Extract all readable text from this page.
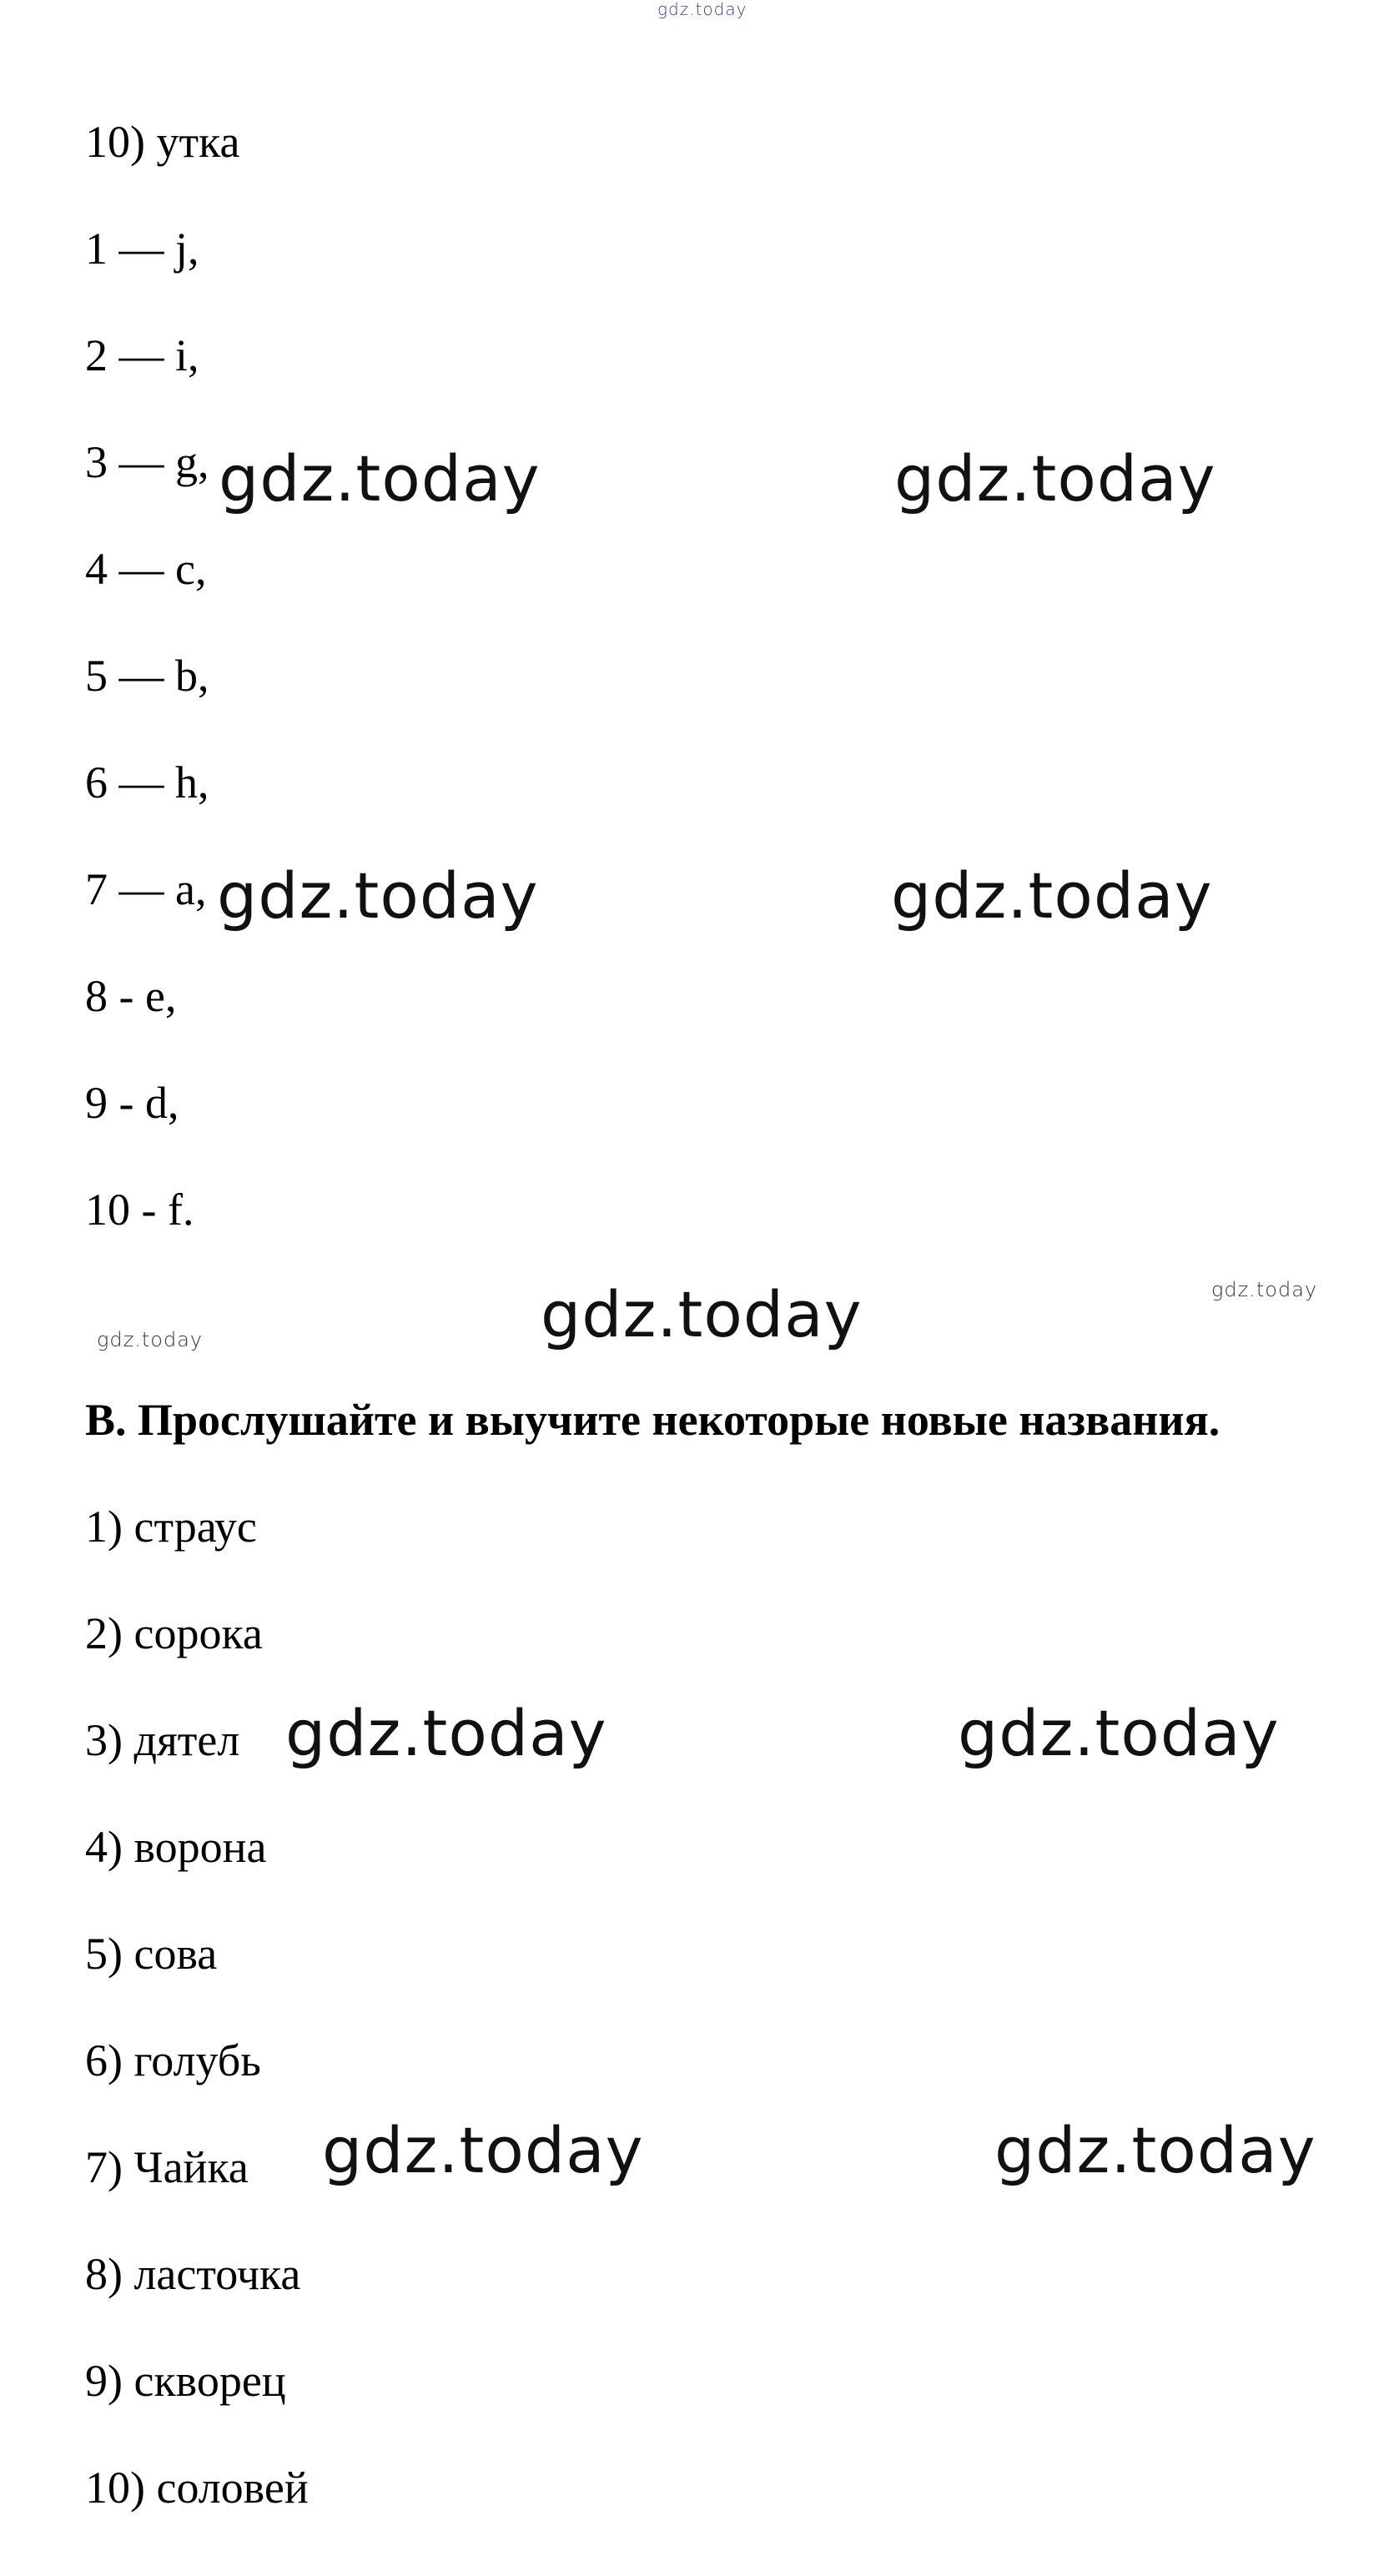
gdz.today

10) утка

1 — j,

2 — i,

3 — g,

4 — c,

5 — b,

6 — h,

7 — a,

8 - e,

9 - d,

10 - f.

gdz.today	gdz.today
gdz.today	gdz.today
gdz.today	gdz.today
gdz.today

B. Прослушайте и выучите некоторые новые названия.

1) страус

2) сорока

3) дятел

4) ворона

5) сова

6) голубь

7) Чайка

8) ласточка

9) скворец

10) соловей

gdz.today	gdz.today
gdz.today	gdz.today
